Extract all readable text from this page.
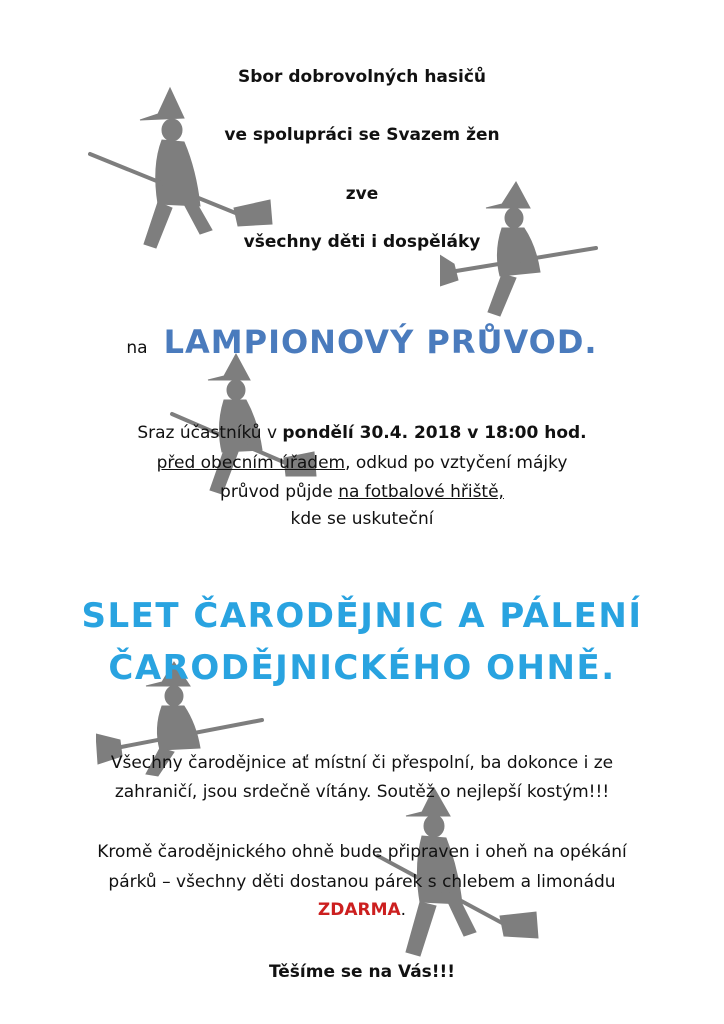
Sbor dobrovolných hasičů
ve spolupráci se Svazem žen
zve
všechny děti i dospěláky
na LAMPIONOVÝ PRŮVOD.
Sraz účastníků v pondělí 30.4. 2018 v 18:00 hod.
před obecním úřadem, odkud po vztyčení májky
průvod půjde na fotbalové hřiště,
kde se uskuteční
SLET ČARODĚJNIC A PÁLENÍ
ČARODĚJNICKÉHO OHNĚ.
Všechny čarodějnice ať místní či přespolní, ba dokonce i ze
zahraničí, jsou srdečně vítány. Soutěž o nejlepší kostým!!!
Kromě čarodějnického ohně bude připraven i oheň na opékání
párků – všechny děti dostanou párek s chlebem a limonádu
ZDARMA.
Těšíme se na Vás!!!
